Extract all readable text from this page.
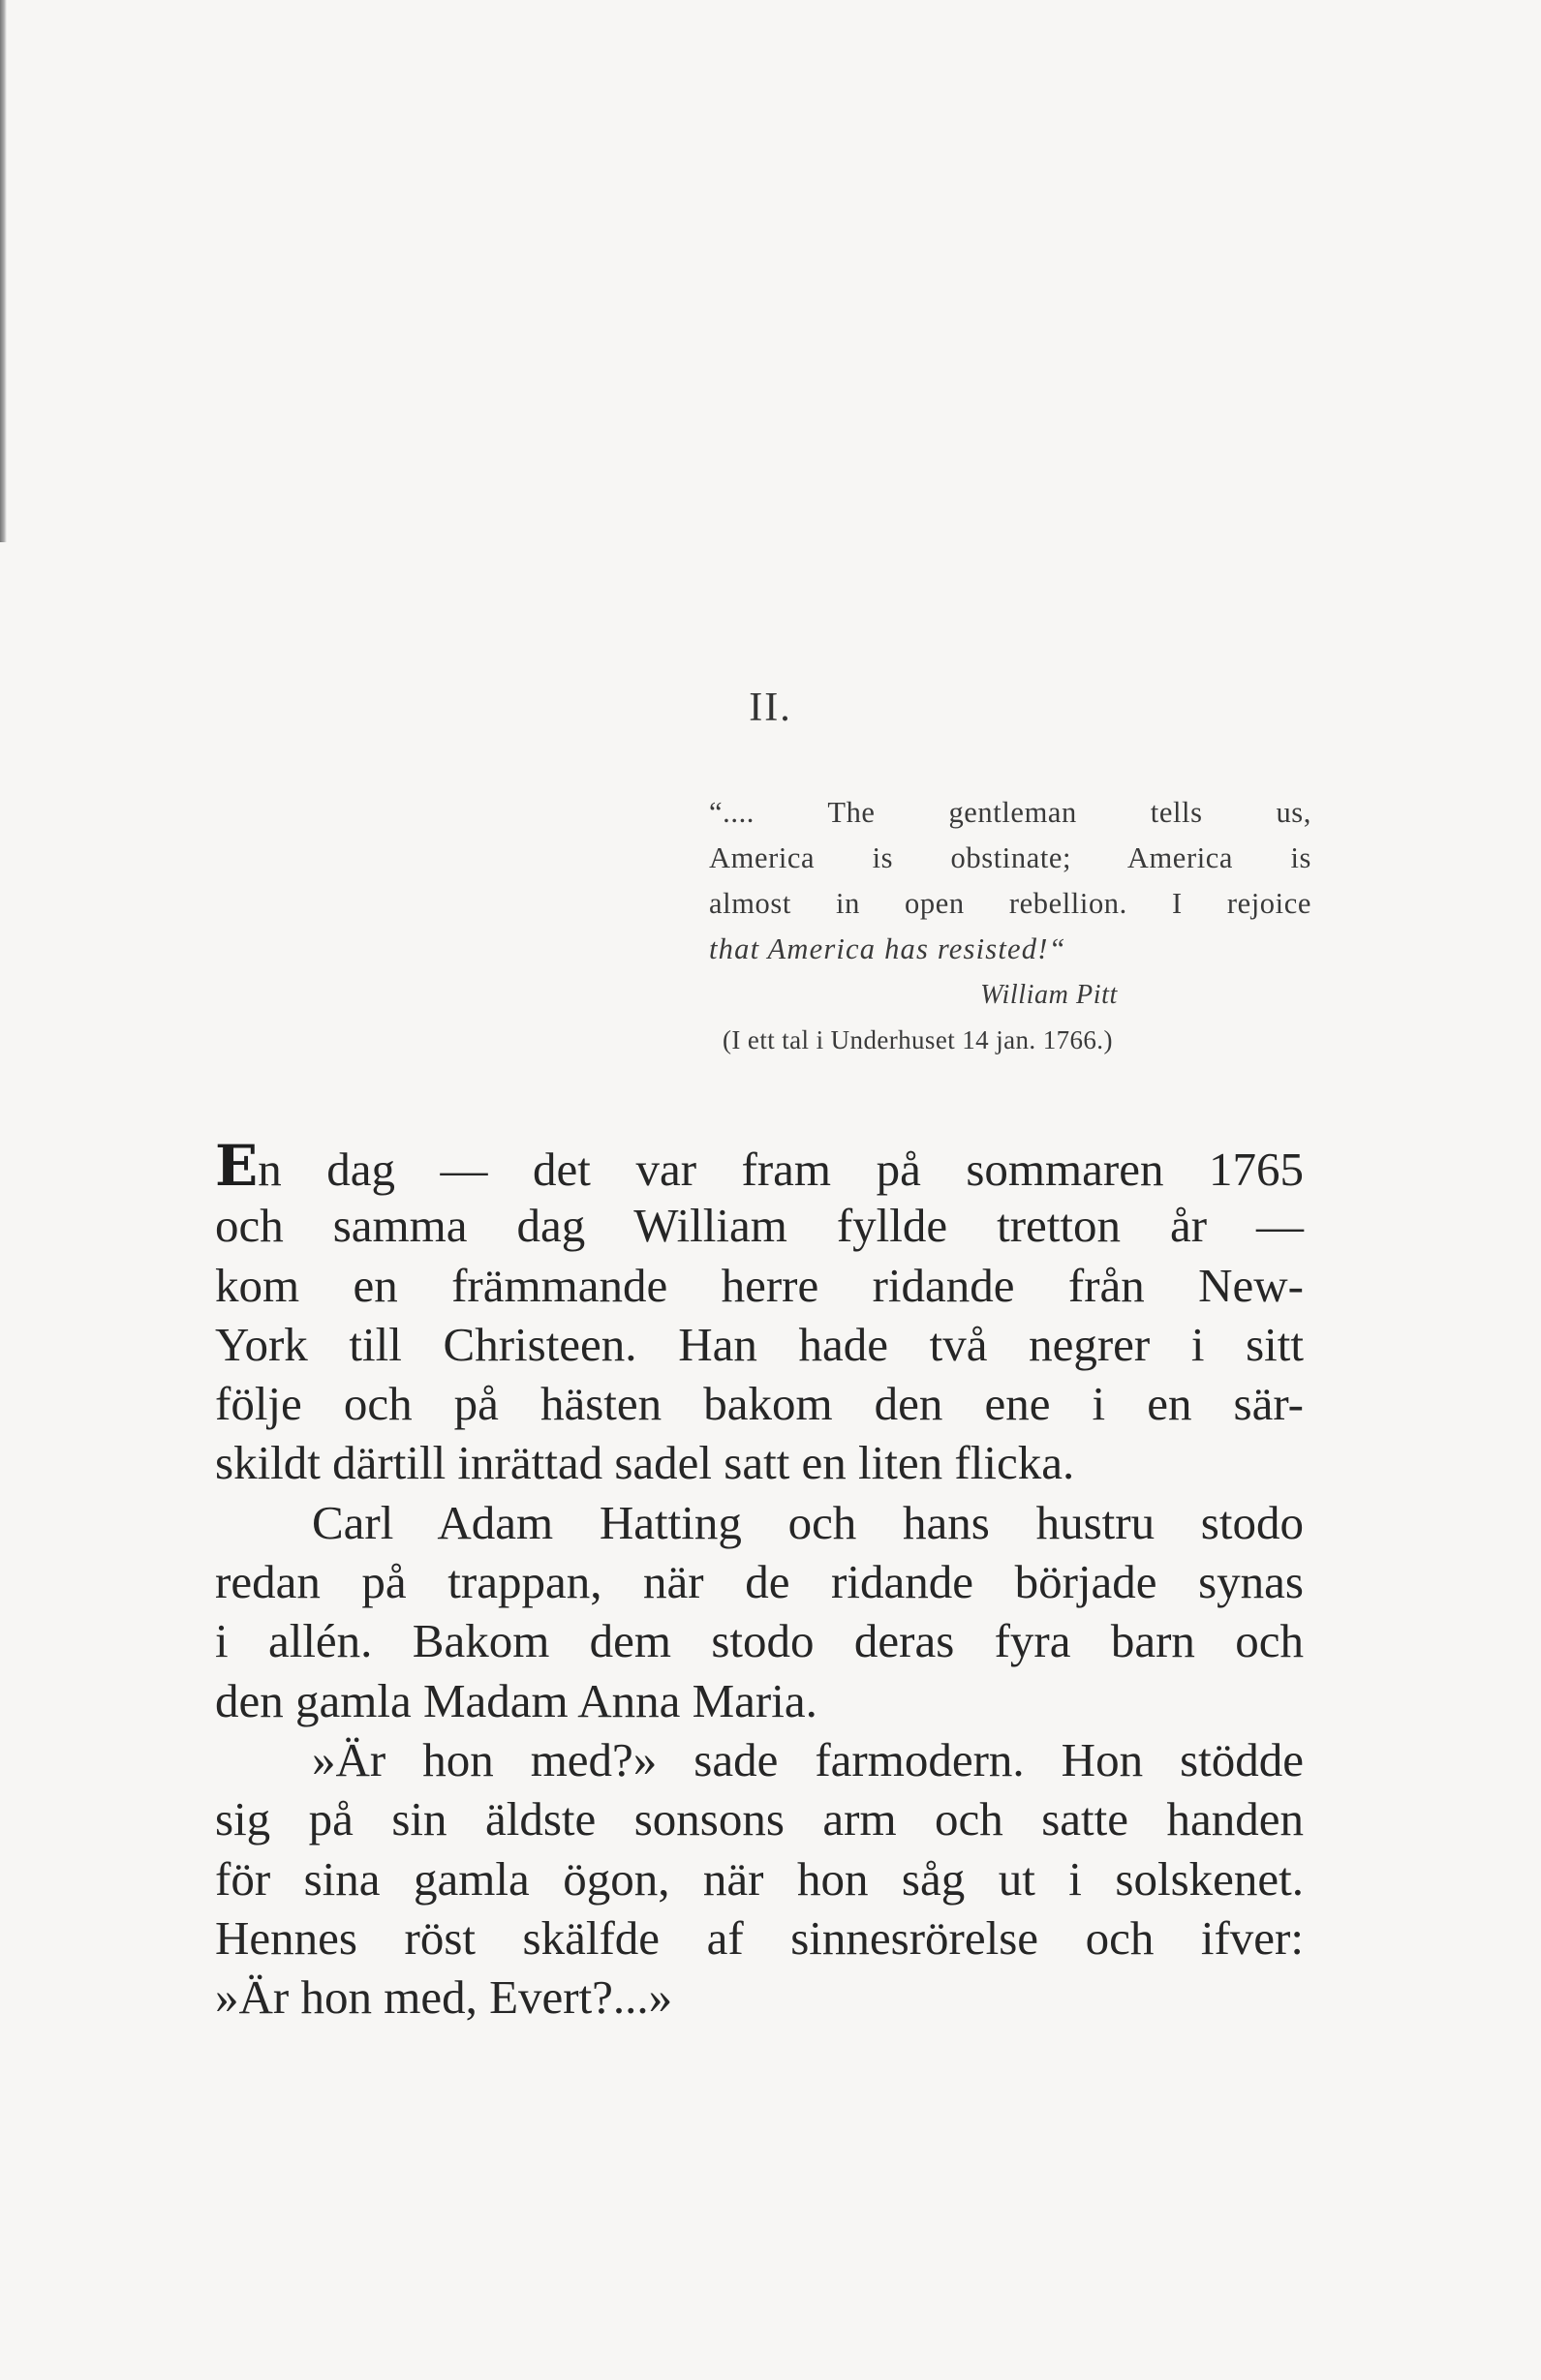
II.
“.... The gentleman tells us,
America is obstinate; America is
almost in open rebellion. I rejoice
that America has resisted!“
William Pitt
(I ett tal i Underhuset 14 jan. 1766.)
En dag — det var fram på sommaren 1765
och samma dag William fyllde tretton år —
kom en främmande herre ridande från New-
York till Christeen. Han hade två negrer i sitt
följe och på hästen bakom den ene i en sär-
skildt därtill inrättad sadel satt en liten flicka.
Carl Adam Hatting och hans hustru stodo
redan på trappan, när de ridande började synas
i allén. Bakom dem stodo deras fyra barn och
den gamla Madam Anna Maria.
»Är hon med?» sade farmodern. Hon stödde
sig på sin äldste sonsons arm och satte handen
för sina gamla ögon, när hon såg ut i solskenet.
Hennes röst skälfde af sinnesrörelse och ifver:
»Är hon med, Evert?...»
